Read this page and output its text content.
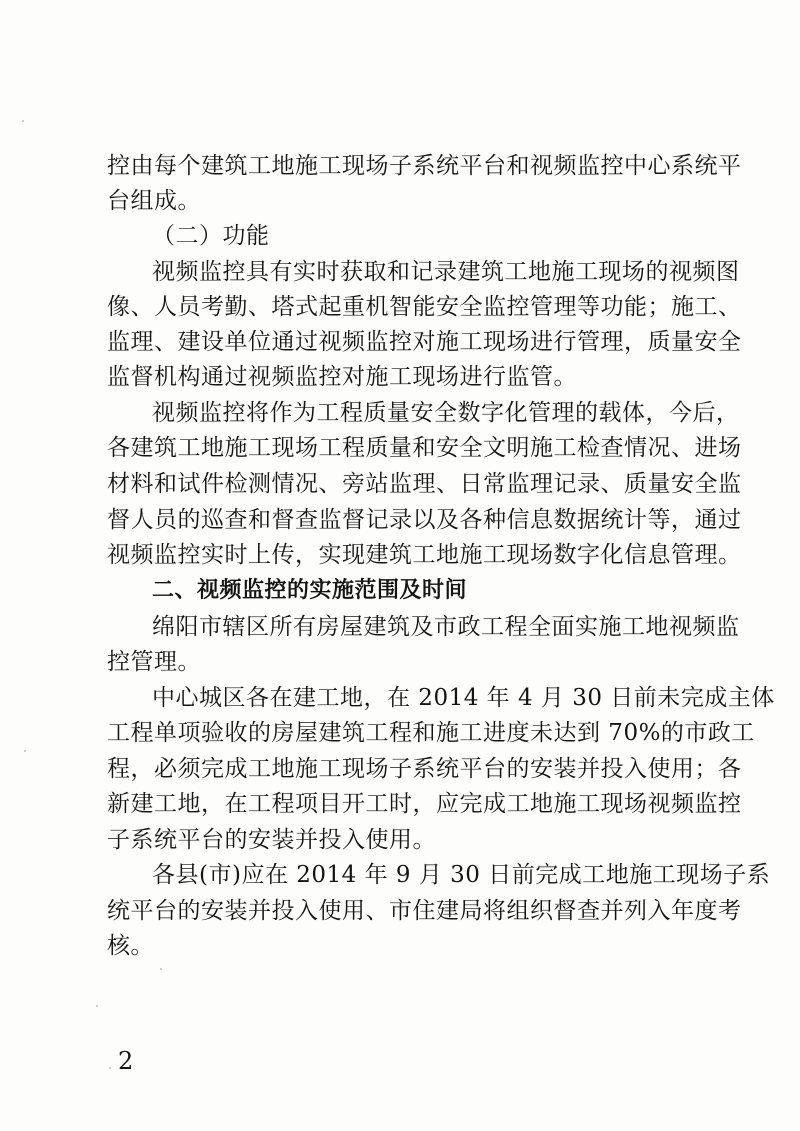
控由每个建筑工地施工现场子系统平台和视频监控中心系统平
台组成。
（二）功能
视频监控具有实时获取和记录建筑工地施工现场的视频图
像、人员考勤、塔式起重机智能安全监控管理等功能；施工、
监理、建设单位通过视频监控对施工现场进行管理，质量安全
监督机构通过视频监控对施工现场进行监管。
视频监控将作为工程质量安全数字化管理的载体，今后，
各建筑工地施工现场工程质量和安全文明施工检查情况、进场
材料和试件检测情况、旁站监理、日常监理记录、质量安全监
督人员的巡查和督查监督记录以及各种信息数据统计等，通过
视频监控实时上传，实现建筑工地施工现场数字化信息管理。
二、视频监控的实施范围及时间
绵阳市辖区所有房屋建筑及市政工程全面实施工地视频监
控管理。
中心城区各在建工地，在 2014 年 4 月 30 日前未完成主体
工程单项验收的房屋建筑工程和施工进度未达到 70%的市政工
程，必须完成工地施工现场子系统平台的安装并投入使用；各
新建工地，在工程项目开工时，应完成工地施工现场视频监控
子系统平台的安装并投入使用。
各县(市)应在 2014 年 9 月 30 日前完成工地施工现场子系
统平台的安装并投入使用、市住建局将组织督查并列入年度考
核。
2
